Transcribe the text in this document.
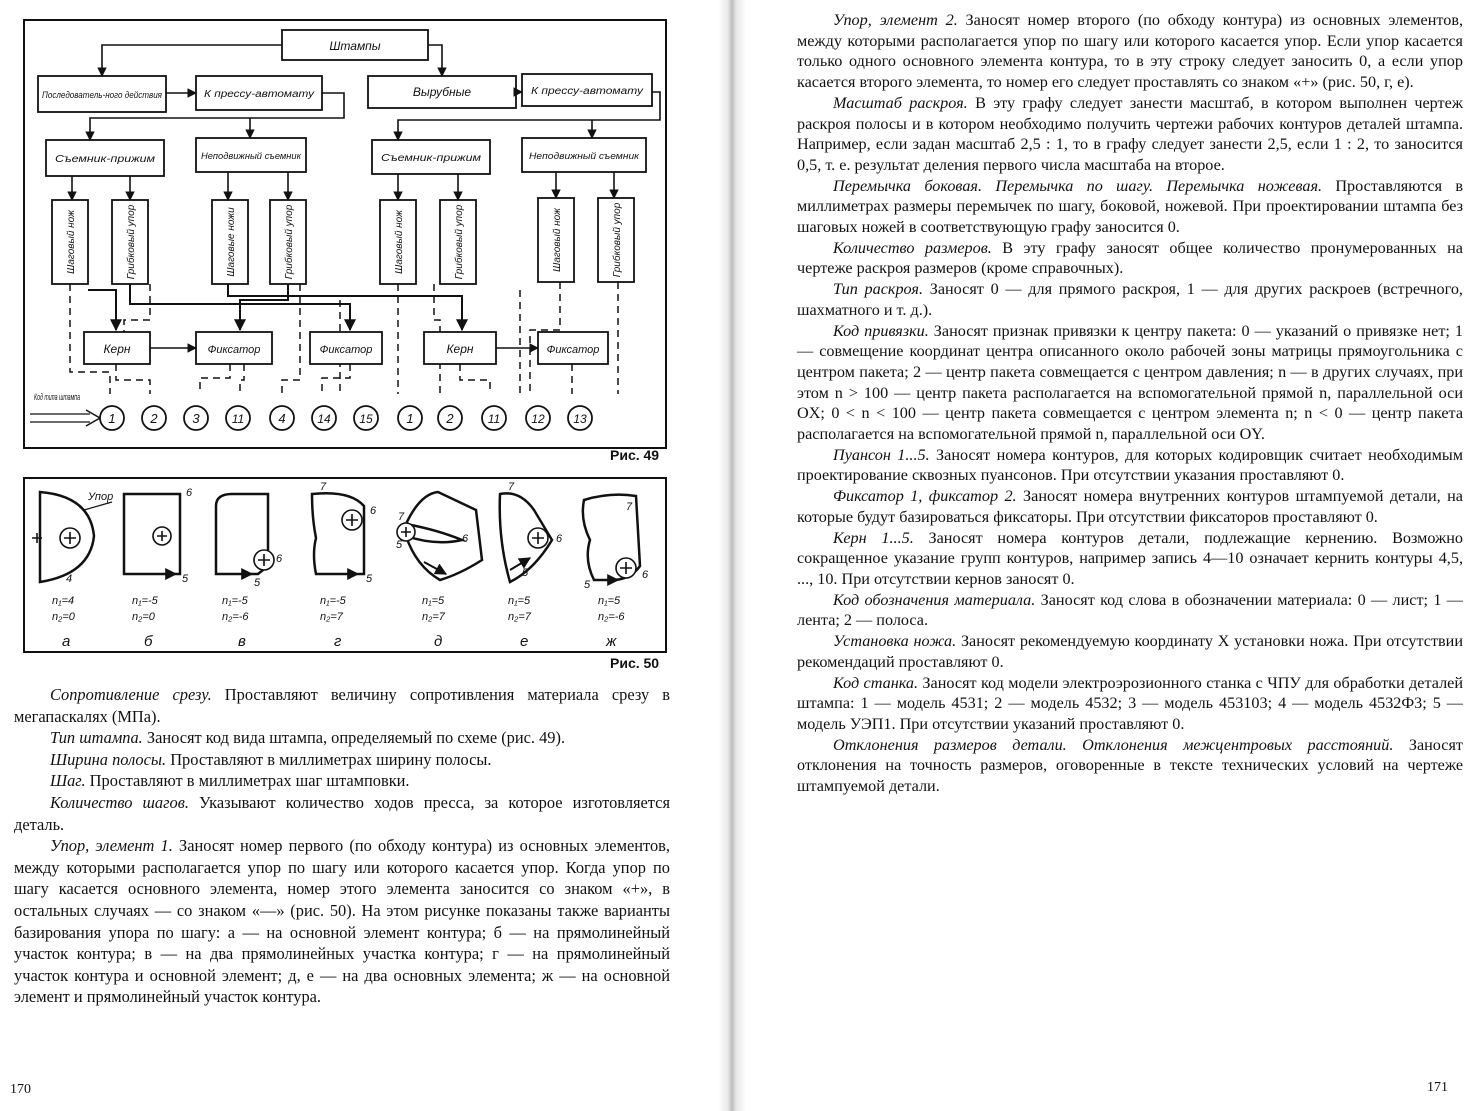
Штампы
Последователь-ного действия	К прессу-автомату	Вырубные	К прессу-автомату
Съемник-прижим	Неподвижный съемник	Съемник-прижим	Неподвижный съемник
Шаговый нож	Грибковый упор	Шаговые ножи	Грибковый упор	Шаговый нож	Грибковый упор	Шаговый нож	Грибковый упор
Керн	Фиксатор	Фиксатор	Керн	Фиксатор
Код типа штампа
1	2	3	11	4	14 15	1	2	11	12 13
Рис. 49
Упор
4
n₁=4
n₂=0
а
6
5
n₁=-5
n₂=0
б
6
5
n₁=-5
n₂=-6
в
7
6
5
n₁=-5
n₂=7
г
7
6
5
n₁=5
n₂=7
д
7
6
5
n₁=5
n₂=7
е
7
6
5
n₁=5
n₂=-6
ж
Рис. 50

Сопротивление срезу. Проставляют величину сопротивления материала срезу в мегапаскалях (МПа).

Тип штампа. Заносят код вида штампа, определяемый по схеме (рис. 49).

Ширина полосы. Проставляют в миллиметрах ширину полосы.

Шаг. Проставляют в миллиметрах шаг штамповки.

Количество шагов. Указывают количество ходов пресса, за которое изготовляется деталь.

Упор, элемент 1. Заносят номер первого (по обходу контура) из основных элементов, между которыми располагается упор по шагу или которого касается упор. Когда упор по шагу касается основного элемента, номер этого элемента заносится со знаком «+», в остальных случаях — со знаком «—» (рис. 50). На этом рисунке показаны также варианты базирования упора по шагу: а — на основной элемент контура; б — на прямолинейный участок контура; в — на два прямолинейных участка контура; г — на прямолинейный участок контура и основной элемент; д, е — на два основных элемента; ж — на основной элемент и прямолинейный участок контура.

170

Упор, элемент 2. Заносят номер второго (по обходу контура) из основных элементов, между которыми располагается упор по шагу или которого касается упор. Если упор касается только одного основного элемента контура, то в эту строку следует заносить 0, а если упор касается второго элемента, то номер его следует проставлять со знаком «+» (рис. 50, г, е).

Масштаб раскроя. В эту графу следует занести масштаб, в котором выполнен чертеж раскроя полосы и в котором необходимо получить чертежи рабочих контуров деталей штампа. Например, если задан масштаб 2,5 : 1, то в графу следует занести 2,5, если 1 : 2, то заносится 0,5, т. е. результат деления первого числа масштаба на второе.

Перемычка боковая. Перемычка по шагу. Перемычка ножевая. Проставляются в миллиметрах размеры перемычек по шагу, боковой, ножевой. При проектировании штампа без шаговых ножей в соответствующую графу заносится 0.

Количество размеров. В эту графу заносят общее количество пронумерованных на чертеже раскроя размеров (кроме справочных).

Тип раскроя. Заносят 0 — для прямого раскроя, 1 — для других раскроев (встречного, шахматного и т. д.).

Код привязки. Заносят признак привязки к центру пакета: 0 — указаний о привязке нет; 1 — совмещение координат центра описанного около рабочей зоны матрицы прямоугольника с центром пакета; 2 — центр пакета совмещается с центром давления; n — в других случаях, при этом n > 100 — центр пакета располагается на вспомогательной прямой n, параллельной оси OX; 0 < n < 100 — центр пакета совмещается с центром элемента n; n < 0 — центр пакета располагается на вспомогательной прямой n, параллельной оси OY.

Пуансон 1...5. Заносят номера контуров, для которых кодировщик считает необходимым проектирование сквозных пуансонов. При отсутствии указания проставляют 0.

Фиксатор 1, фиксатор 2. Заносят номера внутренних контуров штампуемой детали, на которые будут базироваться фиксаторы. При отсутствии фиксаторов проставляют 0.

Керн 1...5. Заносят номера контуров детали, подлежащие кернению. Возможно сокращенное указание групп контуров, например запись 4—10 означает кернить контуры 4,5, ..., 10. При отсутствии кернов заносят 0.

Код обозначения материала. Заносят код слова в обозначении материала: 0 — лист; 1 — лента; 2 — полоса.

Установка ножа. Заносят рекомендуемую координату X установки ножа. При отсутствии рекомендаций проставляют 0.

Код станка. Заносят код модели электроэрозионного станка с ЧПУ для обработки деталей штампа: 1 — модель 4531; 2 — модель 4532; 3 — модель 453103; 4 — модель 4532Ф3; 5 — модель УЭП1. При отсутствии указаний проставляют 0.

Отклонения размеров детали. Отклонения межцентровых расстояний. Заносят отклонения на точность размеров, оговоренные в тексте технических условий на чертеже штампуемой детали.

171
